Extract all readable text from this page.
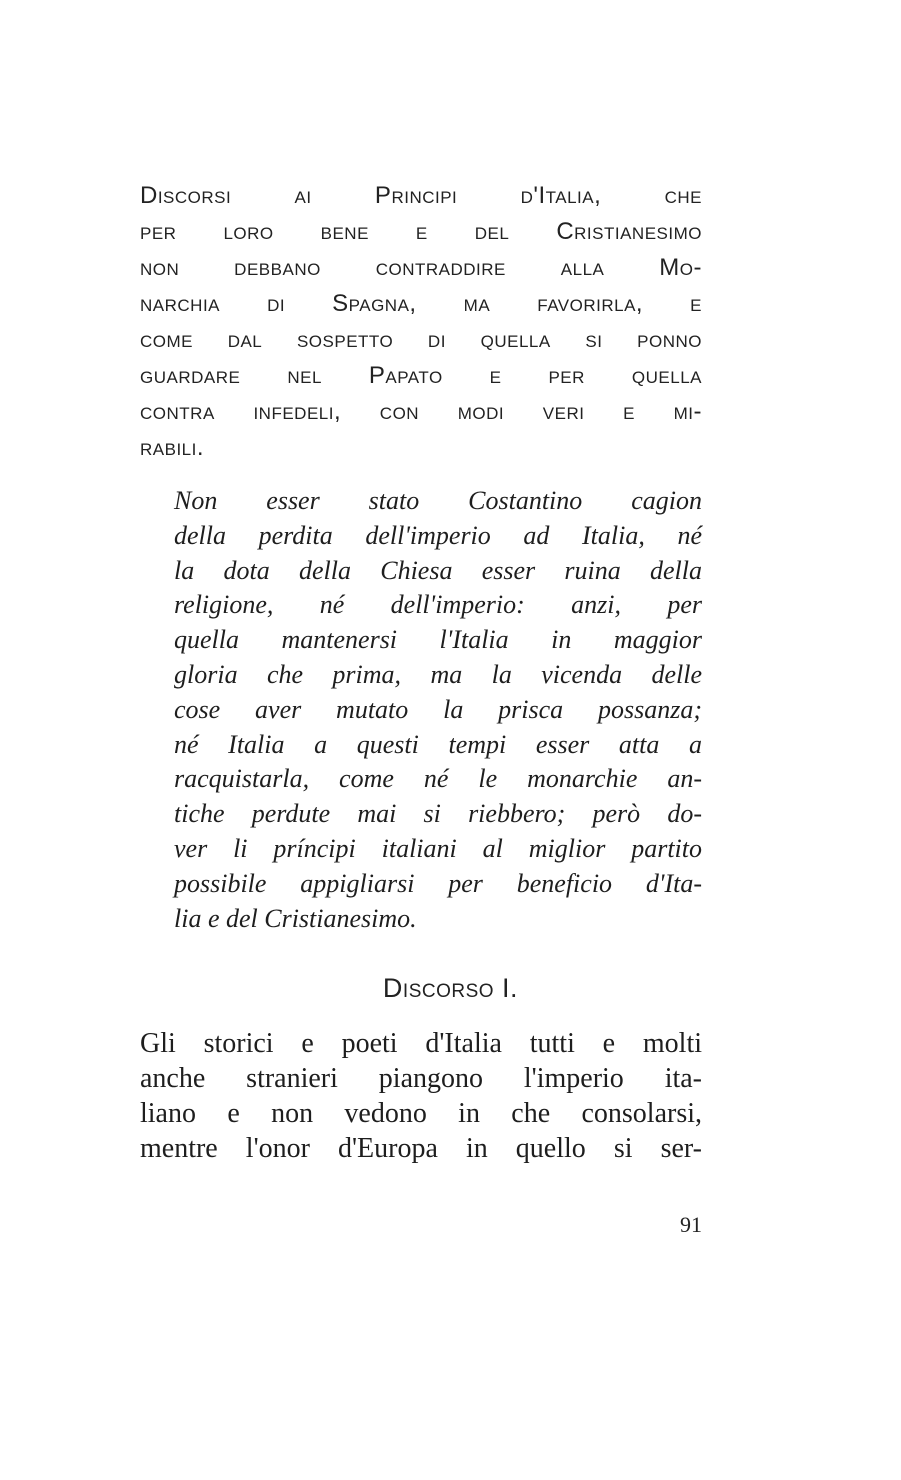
Discorsi ai Principi d'Italia, che
per loro bene e del Cristianesimo
non debbano contraddire alla Mo-
narchia di Spagna, ma favorirla, e
come dal sospetto di quella si ponno
guardare nel Papato e per quella
contra infedeli, con modi veri e mi-
rabili.
Non esser stato Costantino cagion
della perdita dell'imperio ad Italia, né
la dota della Chiesa esser ruina della
religione, né dell'imperio: anzi, per
quella mantenersi l'Italia in maggior
gloria che prima, ma la vicenda delle
cose aver mutato la prisca possanza;
né Italia a questi tempi esser atta a
racquistarla, come né le monarchie an-
tiche perdute mai si riebbero; però do-
ver li príncipi italiani al miglior partito
possibile appigliarsi per beneficio d'Ita-
lia e del Cristianesimo.
Discorso I.
Gli storici e poeti d'Italia tutti e molti
anche stranieri piangono l'imperio ita-
liano e non vedono in che consolarsi,
mentre l'onor d'Europa in quello si ser-
91
